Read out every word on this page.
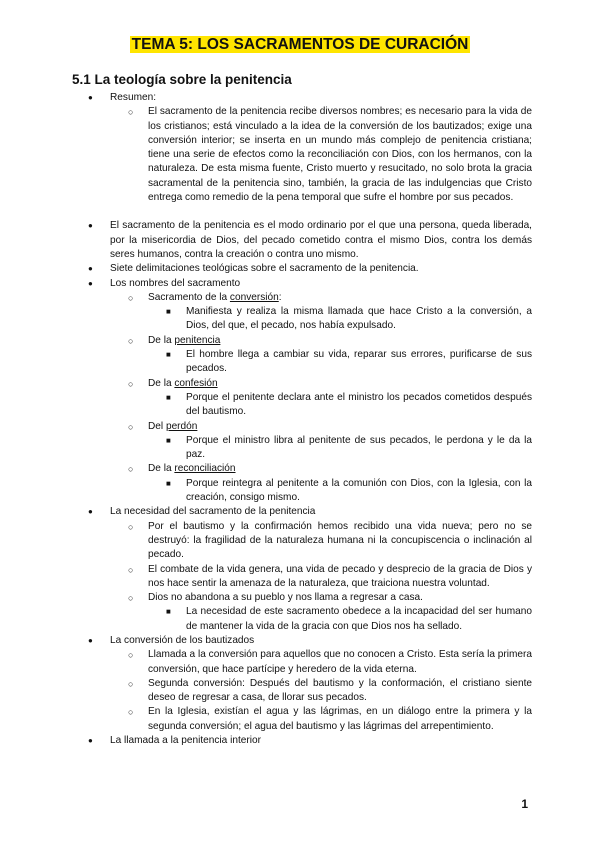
TEMA 5: LOS SACRAMENTOS DE CURACIÓN
5.1 La teología sobre la penitencia
● Resumen:
○ El sacramento de la penitencia recibe diversos nombres; es necesario para la vida de los cristianos; está vinculado a la idea de la conversión de los bautizados; exige una conversión interior; se inserta en un mundo más complejo de penitencia cristiana; tiene una serie de efectos como la reconciliación con Dios, con los hermanos, con la naturaleza. De esta misma fuente, Cristo muerto y resucitado, no solo brota la gracia sacramental de la penitencia sino, también, la gracia de las indulgencias que Cristo entrega como remedio de la pena temporal que sufre el hombre por sus pecados.
● El sacramento de la penitencia es el modo ordinario por el que una persona, queda liberada, por la misericordia de Dios, del pecado cometido contra el mismo Dios, contra los demás seres humanos, contra la creación o contra uno mismo.
● Siete delimitaciones teológicas sobre el sacramento de la penitencia.
● Los nombres del sacramento
○ Sacramento de la conversión:
■ Manifiesta y realiza la misma llamada que hace Cristo a la conversión, a Dios, del que, el pecado, nos había expulsado.
○ De la penitencia
■ El hombre llega a cambiar su vida, reparar sus errores, purificarse de sus pecados.
○ De la confesión
■ Porque el penitente declara ante el ministro los pecados cometidos después del bautismo.
○ Del perdón
■ Porque el ministro libra al penitente de sus pecados, le perdona y le da la paz.
○ De la reconciliación
■ Porque reintegra al penitente a la comunión con Dios, con la Iglesia, con la creación, consigo mismo.
● La necesidad del sacramento de la penitencia
○ Por el bautismo y la confirmación hemos recibido una vida nueva; pero no se destruyó: la fragilidad de la naturaleza humana ni la concupiscencia o inclinación al pecado.
○ El combate de la vida genera, una vida de pecado y desprecio de la gracia de Dios y nos hace sentir la amenaza de la naturaleza, que traiciona nuestra voluntad.
○ Dios no abandona a su pueblo y nos llama a regresar a casa.
■ La necesidad de este sacramento obedece a la incapacidad del ser humano de mantener la vida de la gracia con que Dios nos ha sellado.
● La conversión de los bautizados
○ Llamada a la conversión para aquellos que no conocen a Cristo. Esta sería la primera conversión, que hace partícipe y heredero de la vida eterna.
○ Segunda conversión: Después del bautismo y la conformación, el cristiano siente deseo de regresar a casa, de llorar sus pecados.
○ En la Iglesia, existían el agua y las lágrimas, en un diálogo entre la primera y la segunda conversión; el agua del bautismo y las lágrimas del arrepentimiento.
● La llamada a la penitencia interior
1
